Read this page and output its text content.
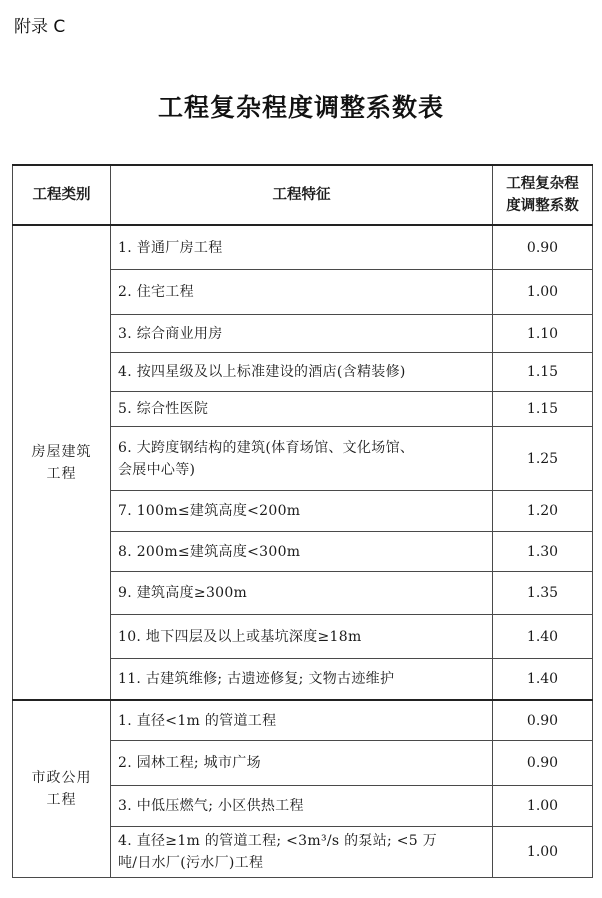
附录 C
工程复杂程度调整系数表
工程类别	工程特征	工程复杂程
度调整系数

房屋建筑
工程	1. 普通厂房工程	0.90
	2. 住宅工程	1.00
	3. 综合商业用房	1.10
	4. 按四星级及以上标准建设的酒店(含精装修)	1.15
	5. 综合性医院	1.15

	6. 大跨度钢结构的建筑(体育场馆、文化场馆、
会展中心等)	1.25
	7. 100m≤建筑高度<200m	1.20
	8. 200m≤建筑高度<300m	1.30
	9. 建筑高度≥300m	1.35
	10. 地下四层及以上或基坑深度≥18m	1.40
	11. 古建筑维修; 古遗迹修复; 文物古迹维护	1.40

市政公用
工程	1. 直径<1m 的管道工程	0.90
	2. 园林工程; 城市广场	0.90
	3. 中低压燃气; 小区供热工程	1.00

	4. 直径≥1m 的管道工程; <3m³/s 的泵站; <5 万
吨/日水厂(污水厂)工程	1.00
